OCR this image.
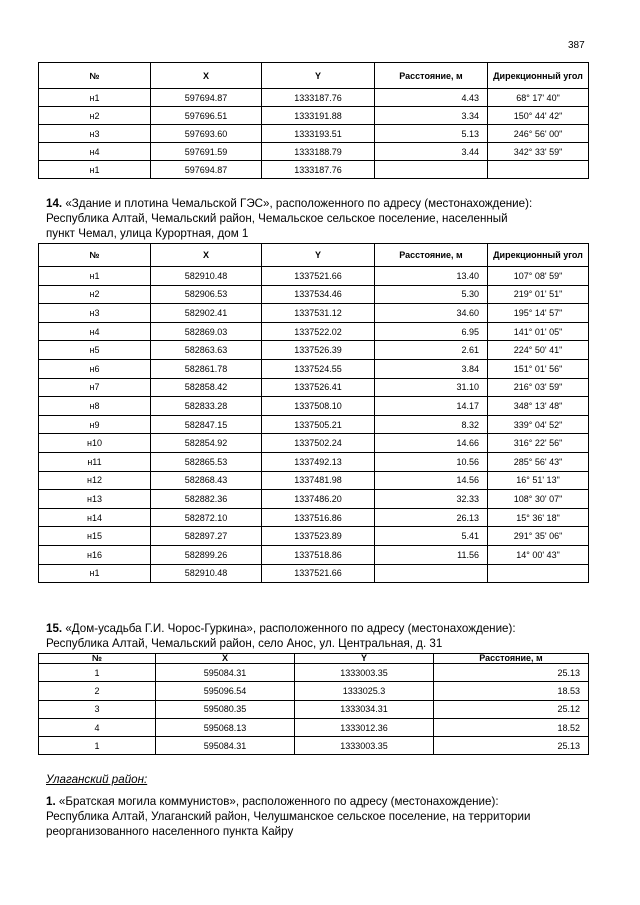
387
№	X	Y	Расстояние, м	Дирекционный угол
н1	597694.87	1333187.76	4.43	68° 17' 40"
н2	597696.51	1333191.88	3.34	150° 44' 42"
н3	597693.60	1333193.51	5.13	246° 56' 00"
н4	597691.59	1333188.79	3.44	342° 33' 59"
н1	597694.87	1333187.76		
14. «Здание и плотина Чемальской ГЭС», расположенного по адресу (местонахождение):
Республика Алтай, Чемальский район, Чемальское сельское поселение, населенный
пункт Чемал, улица Курортная, дом 1
№	X	Y	Расстояние, м	Дирекционный угол
н1	582910.48	1337521.66	13.40	107° 08' 59"
н2	582906.53	1337534.46	5.30	219° 01' 51"
н3	582902.41	1337531.12	34.60	195° 14' 57"
н4	582869.03	1337522.02	6.95	141° 01' 05"
н5	582863.63	1337526.39	2.61	224° 50' 41"
н6	582861.78	1337524.55	3.84	151° 01' 56"
н7	582858.42	1337526.41	31.10	216° 03' 59"
н8	582833.28	1337508.10	14.17	348° 13' 48"
н9	582847.15	1337505.21	8.32	339° 04' 52"
н10	582854.92	1337502.24	14.66	316° 22' 56"
н11	582865.53	1337492.13	10.56	285° 56' 43"
н12	582868.43	1337481.98	14.56	16° 51' 13"
н13	582882.36	1337486.20	32.33	108° 30' 07"
н14	582872.10	1337516.86	26.13	15° 36' 18"
н15	582897.27	1337523.89	5.41	291° 35' 06"
н16	582899.26	1337518.86	11.56	14° 00' 43"
н1	582910.48	1337521.66		
15. «Дом-усадьба Г.И. Чорос-Гуркина», расположенного по адресу (местонахождение):
Республика Алтай, Чемальский район, село Анос, ул. Центральная, д. 31
№	X	Y	Расстояние, м
1	595084.31	1333003.35	25.13
2	595096.54	1333025.3	18.53
3	595080.35	1333034.31	25.12
4	595068.13	1333012.36	18.52
1	595084.31	1333003.35	25.13
Улаганский район:
1. «Братская могила коммунистов», расположенного по адресу (местонахождение):
Республика Алтай, Улаганский район, Челушманское сельское поселение, на территории
реорганизованного населенного пункта Кайру
